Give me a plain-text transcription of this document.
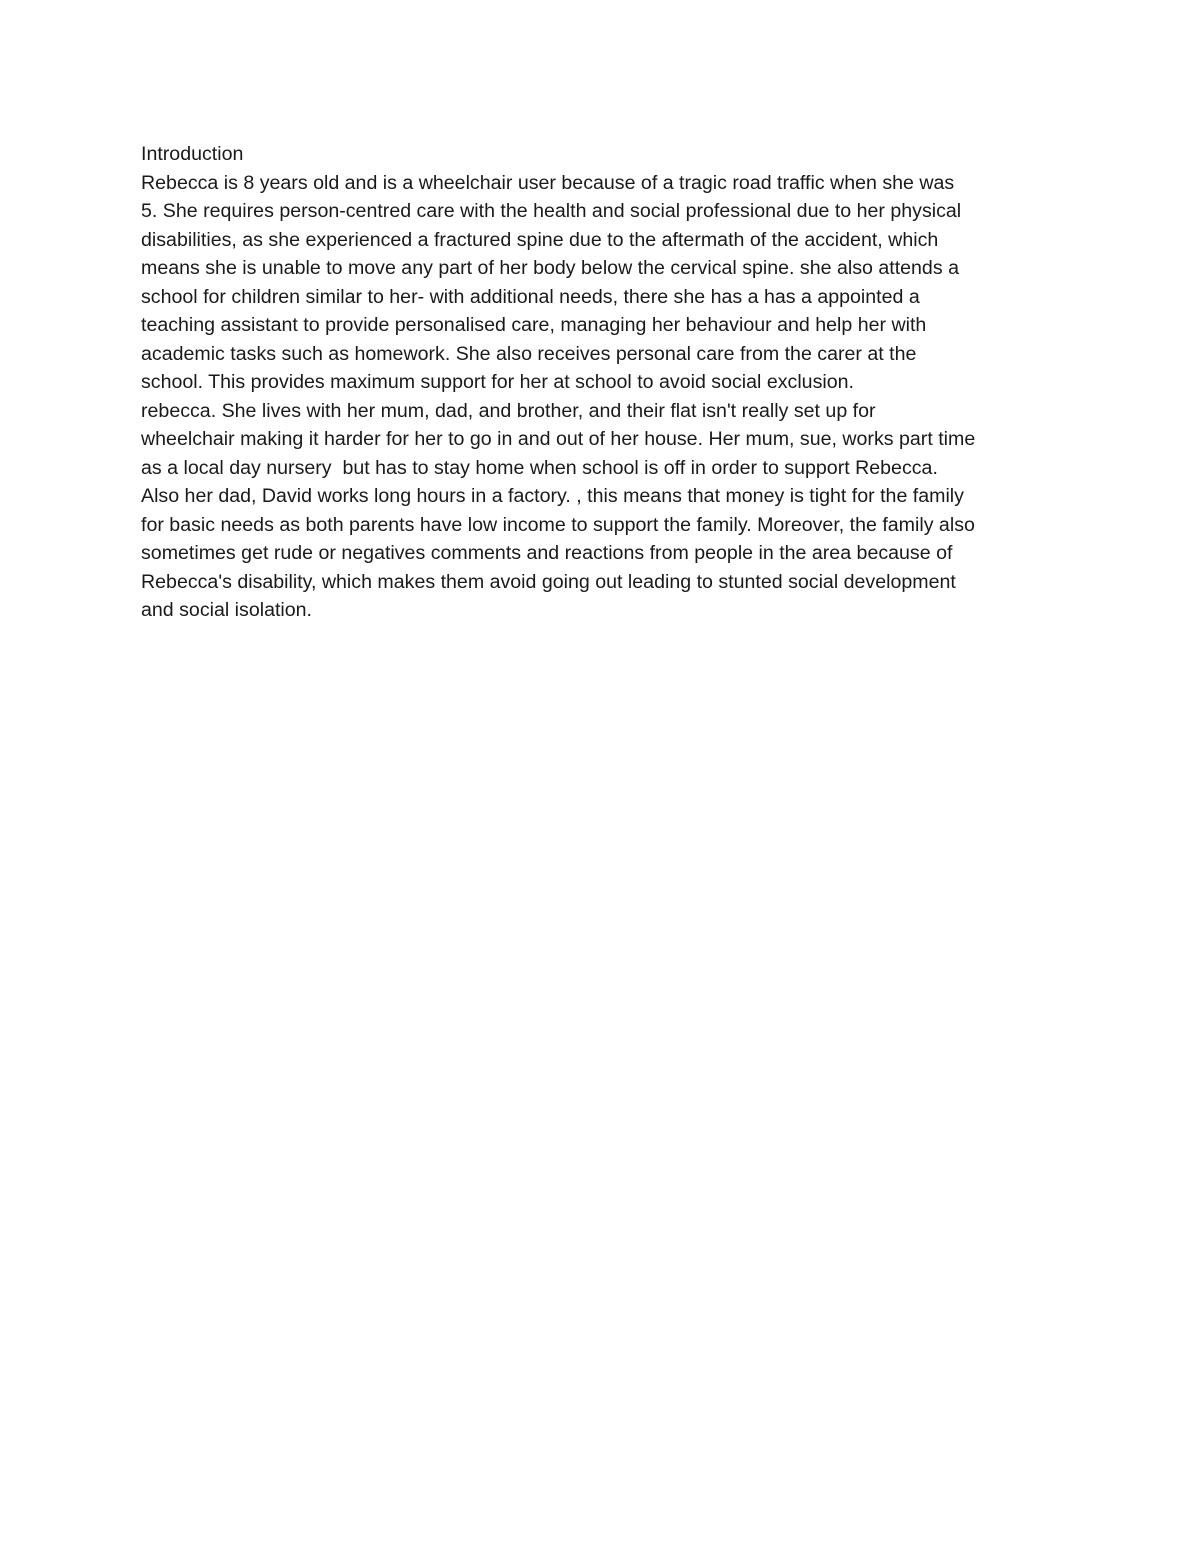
Introduction
Rebecca is 8 years old and is a wheelchair user because of a tragic road traffic when she was
5. She requires person-centred care with the health and social professional due to her physical
disabilities, as she experienced a fractured spine due to the aftermath of the accident, which
means she is unable to move any part of her body below the cervical spine. she also attends a
school for children similar to her- with additional needs, there she has a has a appointed a
teaching assistant to provide personalised care, managing her behaviour and help her with
academic tasks such as homework. She also receives personal care from the carer at the
school. This provides maximum support for her at school to avoid social exclusion.
rebecca. She lives with her mum, dad, and brother, and their flat isn't really set up for
wheelchair making it harder for her to go in and out of her house. Her mum, sue, works part time
as a local day nursery  but has to stay home when school is off in order to support Rebecca.
Also her dad, David works long hours in a factory. , this means that money is tight for the family
for basic needs as both parents have low income to support the family. Moreover, the family also
sometimes get rude or negatives comments and reactions from people in the area because of
Rebecca's disability, which makes them avoid going out leading to stunted social development
and social isolation.
